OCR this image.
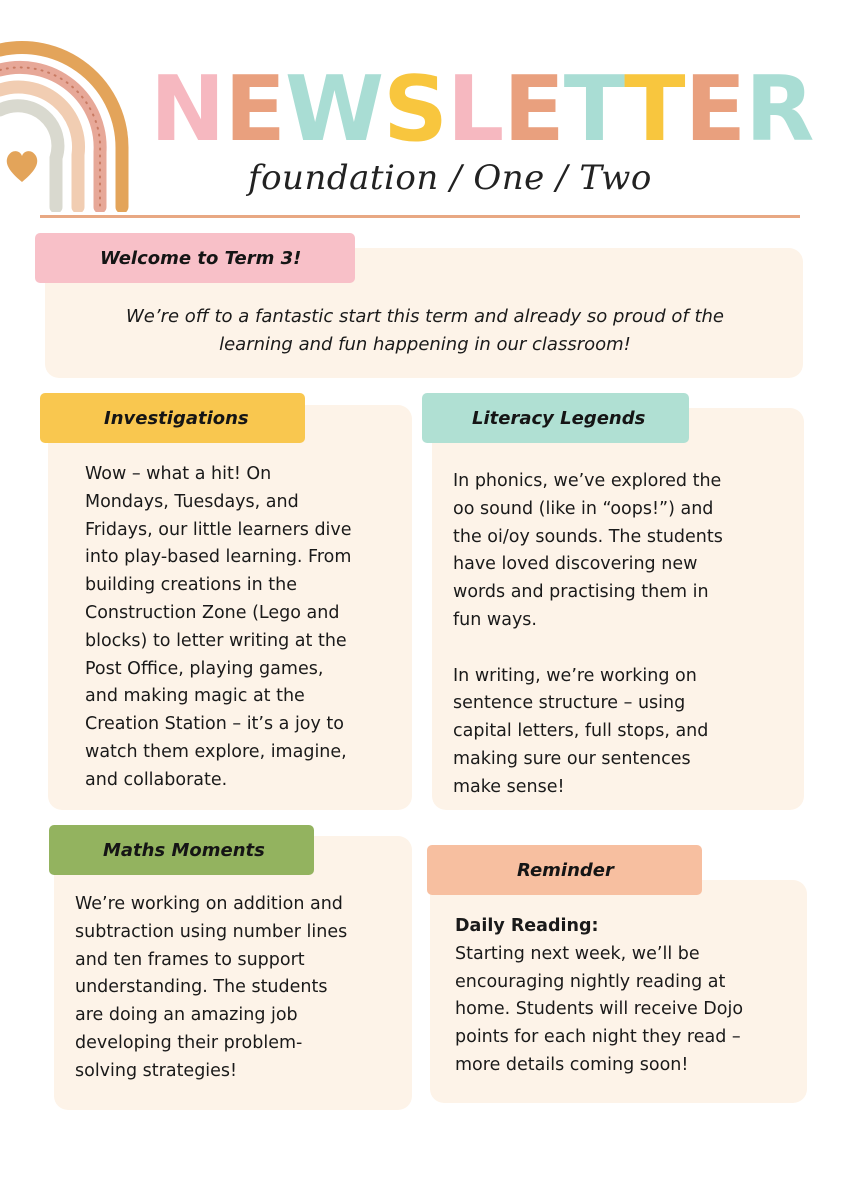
NEWSLETTER
foundation / One / Two
Welcome to Term 3!
We’re off to a fantastic start this term and already so proud of the
learning and fun happening in our classroom!
Investigations
Wow – what a hit! On
Mondays, Tuesdays, and
Fridays, our little learners dive
into play-based learning. From
building creations in the
Construction Zone (Lego and
blocks) to letter writing at the
Post Office, playing games,
and making magic at the
Creation Station – it’s a joy to
watch them explore, imagine,
and collaborate.
Literacy Legends
In phonics, we’ve explored the
oo sound (like in “oops!”) and
the oi/oy sounds. The students
have loved discovering new
words and practising them in
fun ways.

In writing, we’re working on
sentence structure – using
capital letters, full stops, and
making sure our sentences
make sense!
Maths Moments
We’re working on addition and
subtraction using number lines
and ten frames to support
understanding. The students
are doing an amazing job
developing their problem-
solving strategies!
Reminder
Daily Reading:
Starting next week, we’ll be
encouraging nightly reading at
home. Students will receive Dojo
points for each night they read –
more details coming soon!
